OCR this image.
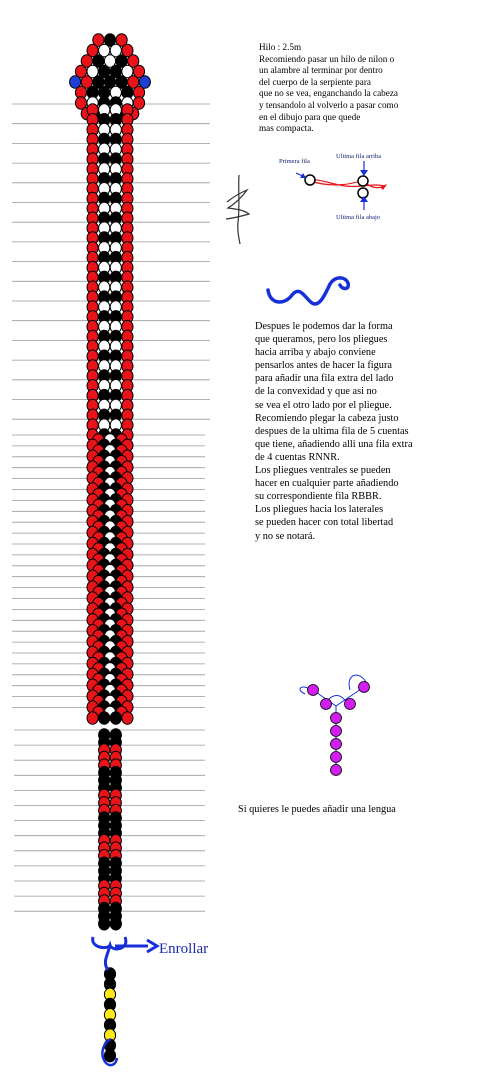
Primera fila
Ultima fila arriba
Ultima fila abajo
Enrollar
Hilo : 2.5m
Recomiendo pasar un hilo de nilon o
un alambre al terminar por dentro
del cuerpo de la serpiente para
que no se vea, enganchando la cabeza
y tensandolo al volverlo a pasar como
en el dibujo para que quede
mas compacta.
Despues le podemos dar la forma
que queramos, pero los pliegues
hacia arriba y abajo conviene
pensarlos antes de hacer la figura
para añadir una fila extra del lado
de la convexidad y que asi no
se vea el otro lado por el pliegue.
Recomiendo plegar la cabeza justo
despues de la ultima fila de 5 cuentas
que tiene, añadiendo alli una fila extra
de 4 cuentas RNNR.
Los pliegues ventrales se pueden
hacer en cualquier parte añadiendo
su correspondiente fila RBBR.
Los pliegues hacia los laterales
se pueden hacer con total libertad
y no se notará.
Si quieres le puedes añadir una lengua
